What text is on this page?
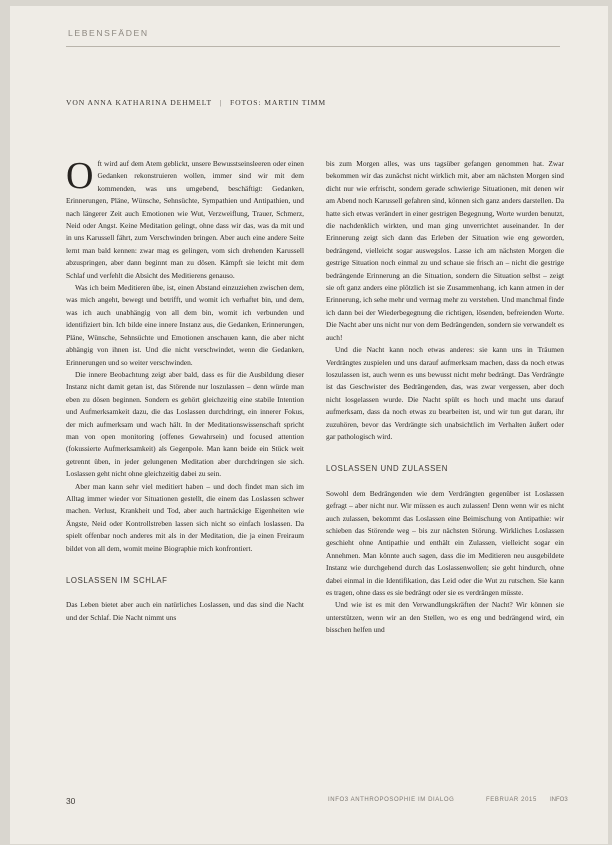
LEBENSFÄDEN
VON ANNA KATHARINA DEHMELT | FOTOS: MARTIN TIMM

Oft wird auf dem Atem geblickt, unsere Bewusstseinsleeren oder einen Gedanken rekonstruieren wollen, immer sind wir mit dem kommenden, was uns umgebend, beschäftigt: Gedanken, Erinnerungen, Pläne, Wünsche, Sehnsüchte, Sympathien und Antipathien, und nach längerer Zeit auch Emotionen wie Wut, Verzweiflung, Trauer, Schmerz, Neid oder Angst. Keine Meditation gelingt, ohne dass wir das, was da mit und in uns Karussell fährt, zum Verschwinden bringen. Aber auch eine andere Seite lernt man bald kennen: zwar mag es gelingen, vom sich drehenden Karussell abzuspringen, aber dann beginnt man zu dösen. Kämpft sie leicht mit dem Schlaf und verfehlt die Absicht des Meditierens genauso.

Was ich beim Meditieren übe, ist, einen Abstand einzuziehen zwischen dem, was mich angeht, bewegt und betrifft, und womit ich verhaftet bin, und dem, was ich auch unabhängig von all dem bin, womit ich verbunden und identifiziert bin. Ich bilde eine innere Instanz aus, die Gedanken, Erinnerungen, Pläne, Wünsche, Sehnsüchte und Emotionen anschauen kann, die aber nicht abhängig von ihnen ist. Und die nicht verschwindet, wenn die Gedanken, Erinnerungen und so weiter verschwinden.

Die innere Beobachtung zeigt aber bald, dass es für die Ausbildung dieser Instanz nicht damit getan ist, das Störende nur loszulassen – denn würde man eben zu dösen beginnen. Sondern es gehört gleichzeitig eine stabile Intention und Aufmerksamkeit dazu, die das Loslassen durchdringt, ein innerer Fokus, der mich aufmerksam und wach hält. In der Meditationswissenschaft spricht man von open monitoring (offenes Gewahrsein) und focused attention (fokussierte Aufmerksamkeit) als Gegenpole. Man kann beide ein Stück weit getrennt üben, in jeder gelungenen Meditation aber durchdringen sie sich. Loslassen geht nicht ohne gleichzeitig dabei zu sein.

Aber man kann sehr viel meditiert haben – und doch findet man sich im Alltag immer wieder vor Situationen gestellt, die einem das Loslassen schwer machen. Verlust, Krankheit und Tod, aber auch hartnäckige Eigenheiten wie Ängste, Neid oder Kontrollstreben lassen sich nicht so einfach loslassen. Da spielt offenbar noch anderes mit als in der Meditation, die ja einen Freiraum bildet von all dem, womit meine Biographie mich konfrontiert.

LOSLASSEN IM SCHLAF

Das Leben bietet aber auch ein natürliches Loslassen, und das sind die Nacht und der Schlaf. Die Nacht nimmt uns

bis zum Morgen alles, was uns tagsüber gefangen genommen hat. Zwar bekommen wir das zunächst nicht wirklich mit, aber am nächsten Morgen sind dicht nur wie erfrischt, sondern gerade schwierige Situationen, mit denen wir am Abend noch Karussell gefahren sind, können sich ganz anders darstellen. Da hatte sich etwas verändert in einer gestrigen Begegnung, Worte wurden benutzt, die nachdenklich wirkten, und man ging unverrichtet auseinander. In der Erinnerung zeigt sich dann das Erleben der Situation wie eng geworden, bedrängend, vielleicht sogar auswegslos. Lasse ich am nächsten Morgen die gestrige Situation noch einmal zu und schaue sie frisch an – nicht die gestrige bedrängende Erinnerung an die Situation, sondern die Situation selbst – zeigt sie oft ganz anders eine plötzlich ist sie Zusammenhang, ich kann atmen in der Erinnerung, ich sehe mehr und vermag mehr zu verstehen. Und manchmal finde ich dann bei der Wiederbegegnung die richtigen, lösenden, befreienden Worte. Die Nacht aber uns nicht nur von dem Bedrängenden, sondern sie verwandelt es auch!

Und die Nacht kann noch etwas anderes: sie kann uns in Träumen Verdrängtes zuspielen und uns darauf aufmerksam machen, dass da noch etwas loszulassen ist, auch wenn es uns bewusst nicht mehr bedrängt. Das Verdrängte ist das Geschwister des Bedrängenden, das, was zwar vergessen, aber doch nicht losgelassen wurde. Die Nacht spült es hoch und macht uns darauf aufmerksam, dass da noch etwas zu bearbeiten ist, und wir tun gut daran, ihr zuzuhören, bevor das Verdrängte sich unabsichtlich im Verhalten äußert oder gar pathologisch wird.

LOSLASSEN UND ZULASSEN

Sowohl dem Bedrängenden wie dem Verdrängten gegenüber ist Loslassen gefragt – aber nicht nur. Wir müssen es auch zulassen! Denn wenn wir es nicht auch zulassen, bekommt das Loslassen eine Beimischung von Antipathie: wir schieben das Störende weg – bis zur nächsten Störung. Wirkliches Loslassen geschieht ohne Antipathie und enthält ein Zulassen, vielleicht sogar ein Annehmen. Man könnte auch sagen, dass die im Meditieren neu ausgebildete Instanz wie durchgehend durch das Loslassenwollen; sie geht hindurch, ohne dabei einmal in die Identifikation, das Leid oder die Wut zu rutschen. Sie kann es tragen, ohne dass es sie bedrängt oder sie es verdrängen müsste.

Und wie ist es mit den Verwandlungskräften der Nacht? Wir können sie unterstützen, wenn wir an den Stellen, wo es eng und bedrängend wird, ein bisschen helfen und

30	INFO3 ANTHROPOSOPHIE IM DIALOG	FEBRUAR 2015 INFO3
